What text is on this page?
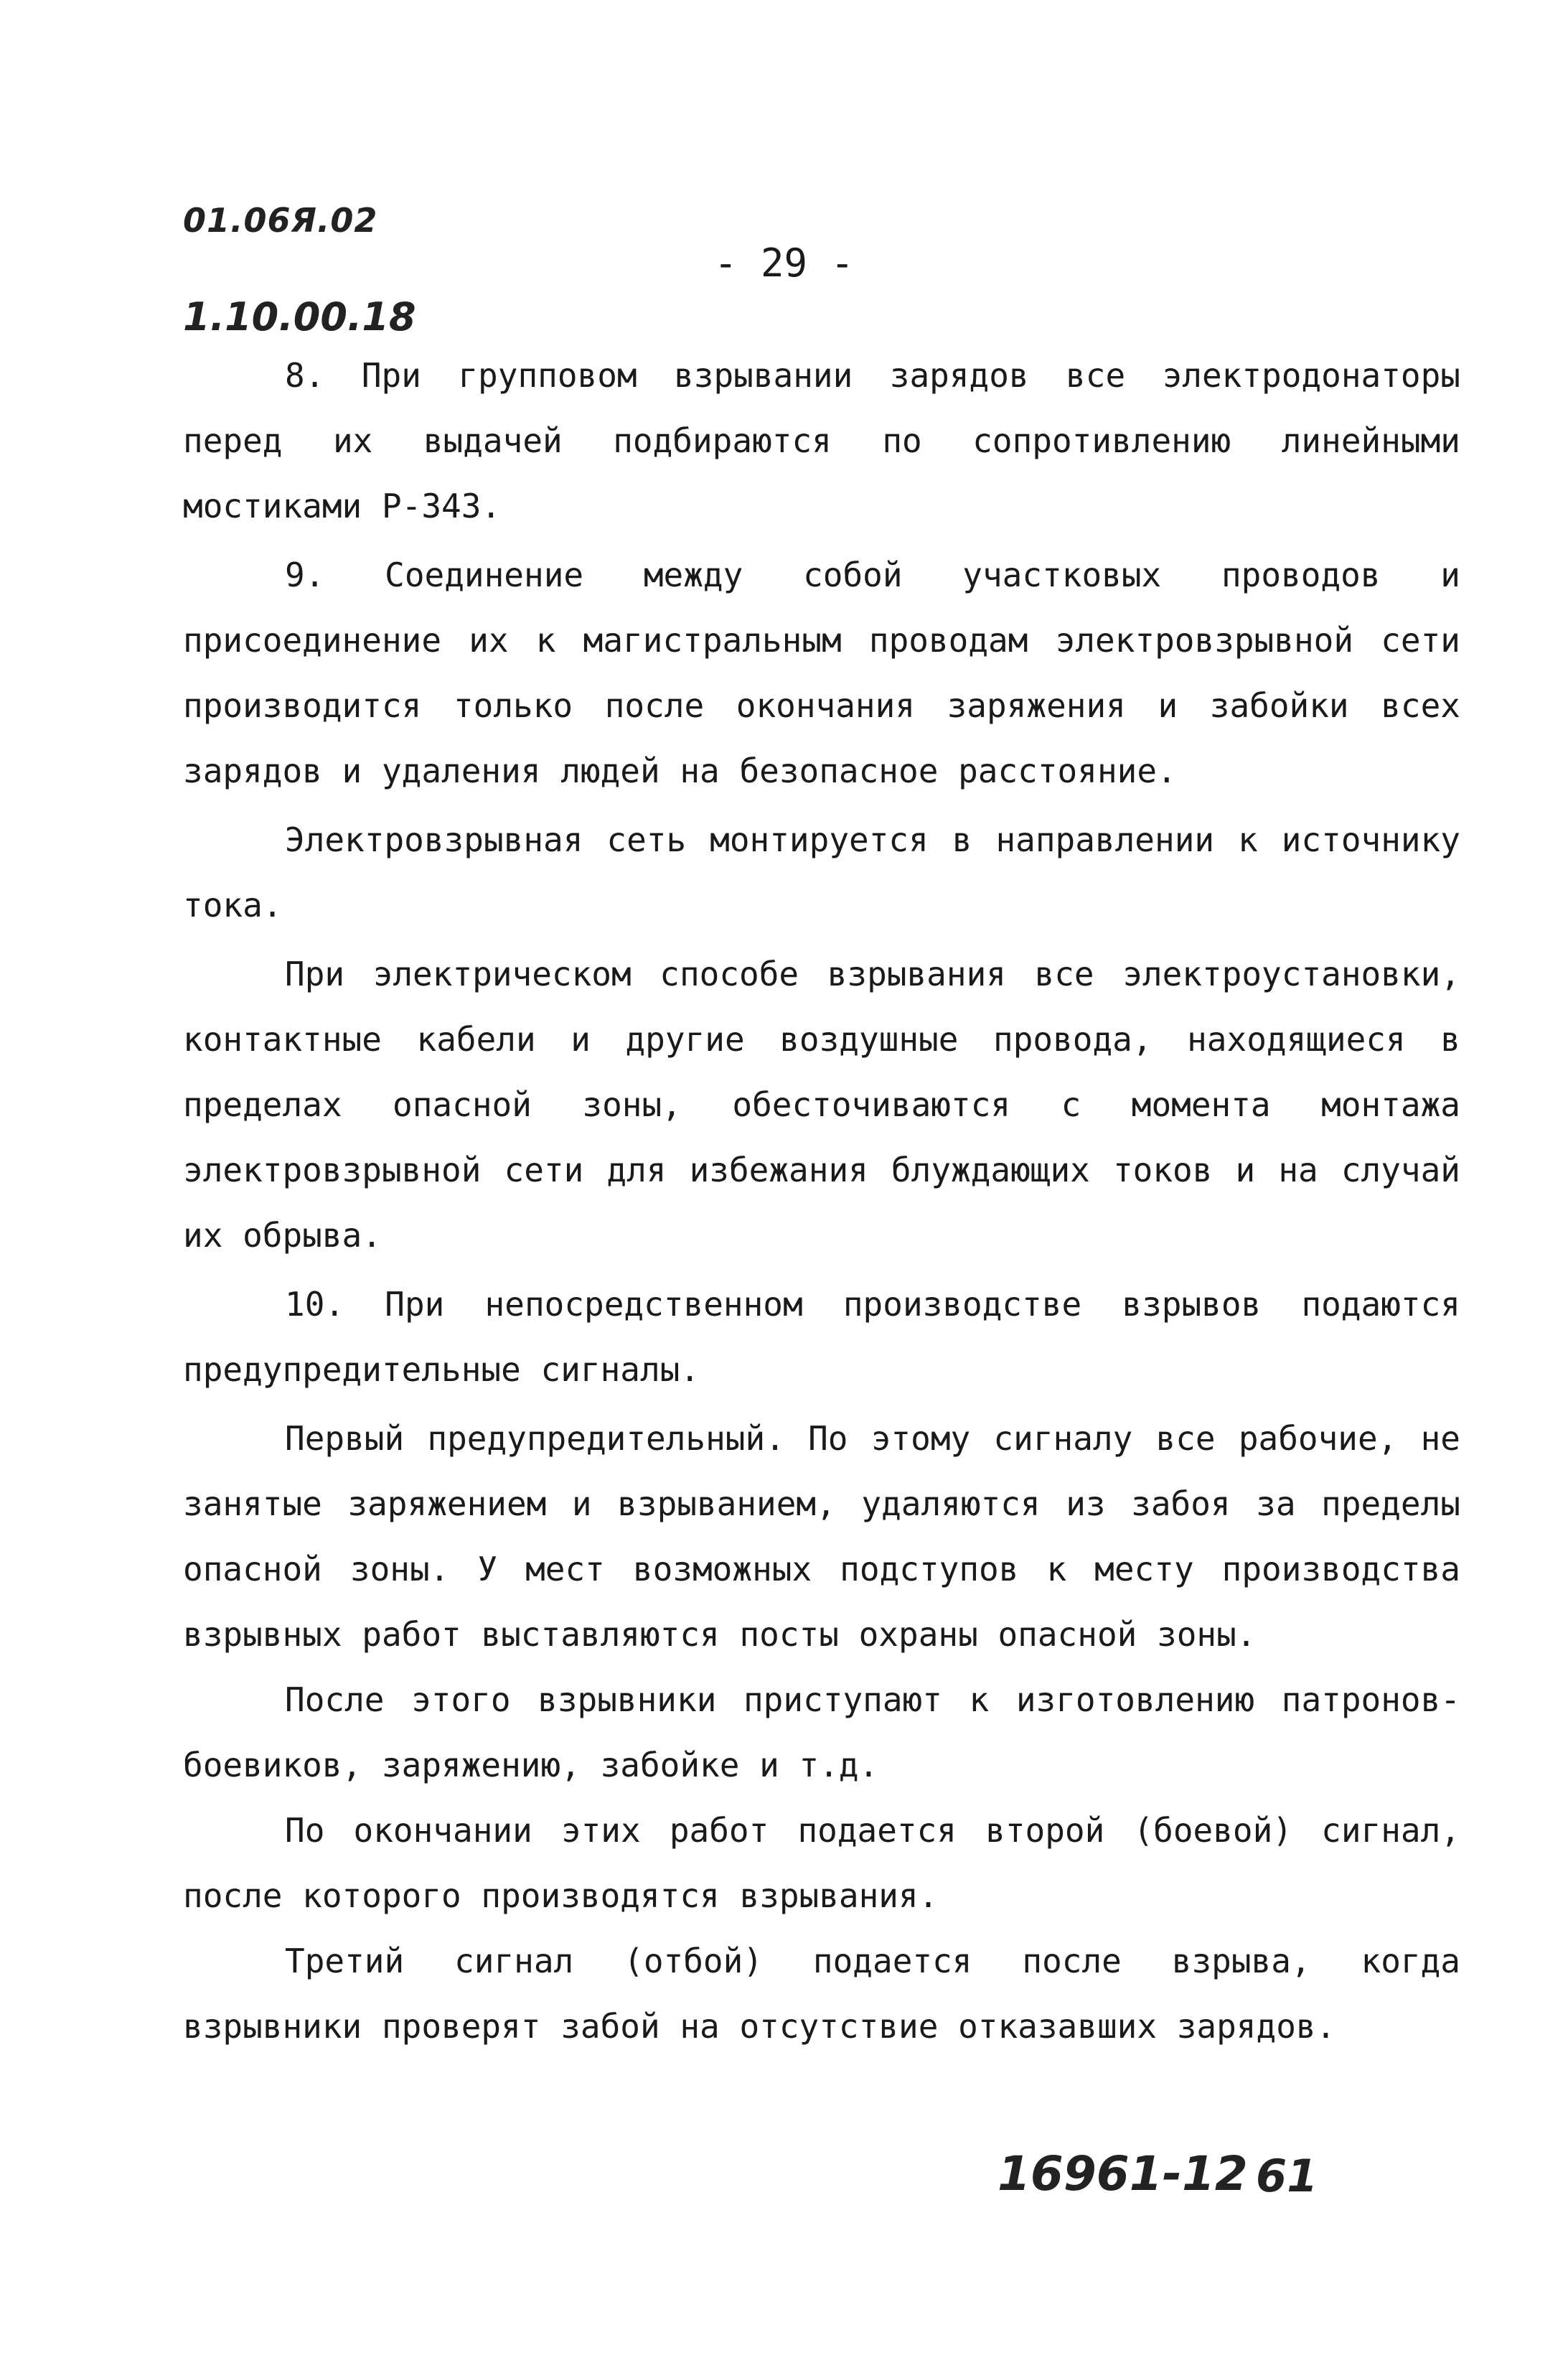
01.06Я.02
- 29 -
1.10.00.18

8. При групповом взрывании зарядов все электродонаторы перед их выдачей подбираются по сопротивлению линейными мостиками Р-343.

9. Соединение между собой участковых проводов и присоединение их к магистральным проводам электровзрывной сети производится только после окончания заряжения и забойки всех зарядов и удаления людей на безопасное расстояние.

Электровзрывная сеть монтируется в направлении к источнику тока.

При электрическом способе взрывания все электроустановки, контактные кабели и другие воздушные провода, находящиеся в пределах опасной зоны, обесточиваются с момента монтажа электровзрывной сети для избежания блуждающих токов и на случай их обрыва.

10. При непосредственном производстве взрывов подаются предупредительные сигналы.

Первый предупредительный. По этому сигналу все рабочие, не занятые заряжением и взрыванием, удаляются из забоя за пределы опасной зоны. У мест возможных подступов к месту производства взрывных работ выставляются посты охраны опасной зоны.

После этого взрывники приступают к изготовлению патронов-боевиков, заряжению, забойке и т.д.

По окончании этих работ подается второй (боевой) сигнал, после которого производятся взрывания.

Третий сигнал (отбой) подается после взрыва, когда взрывники проверят забой на отсутствие отказавших зарядов.

16961-12 61
